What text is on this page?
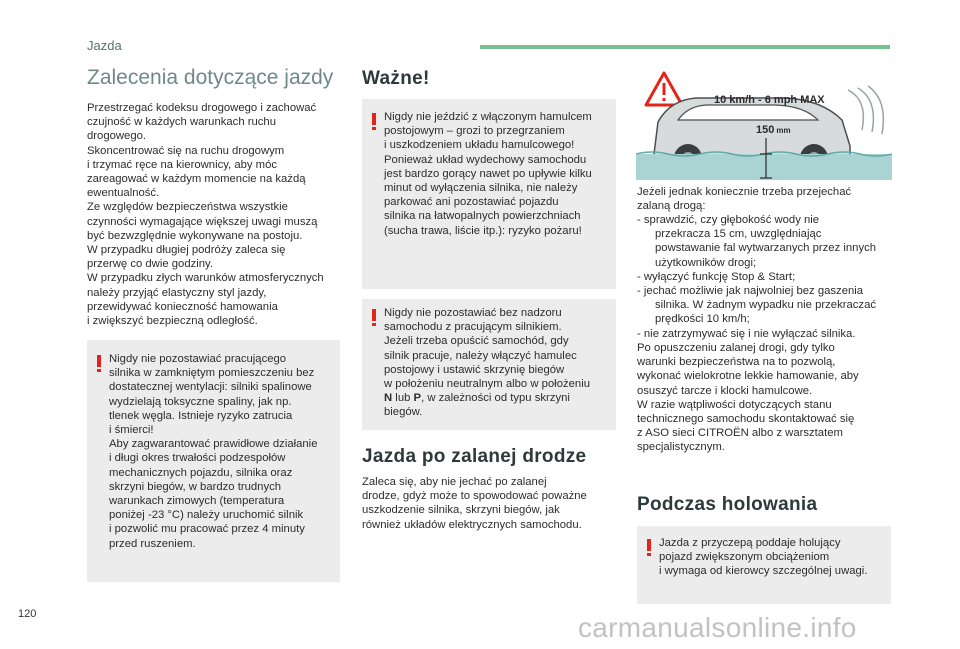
Jazda
Zalecenia dotyczące jazdy
Przestrzegać kodeksu drogowego i zachować
czujność w każdych warunkach ruchu
drogowego.
Skoncentrować się na ruchu drogowym
i trzymać ręce na kierownicy, aby móc
zareagować w każdym momencie na każdą
ewentualność.
Ze względów bezpieczeństwa wszystkie
czynności wymagające większej uwagi muszą
być bezwzględnie wykonywane na postoju.
W przypadku długiej podróży zaleca się
przerwę co dwie godziny.
W przypadku złych warunków atmosferycznych
należy przyjąć elastyczny styl jazdy,
przewidywać konieczność hamowania
i zwiększyć bezpieczną odległość.
Nigdy nie pozostawiać pracującego
silnika w zamkniętym pomieszczeniu bez
dostatecznej wentylacji: silniki spalinowe
wydzielają toksyczne spaliny, jak np.
tlenek węgla. Istnieje ryzyko zatrucia
i śmierci!
Aby zagwarantować prawidłowe działanie
i długi okres trwałości podzespołów
mechanicznych pojazdu, silnika oraz
skrzyni biegów, w bardzo trudnych
warunkach zimowych (temperatura
poniżej -23 °C) należy uruchomić silnik
i pozwolić mu pracować przez 4 minuty
przed ruszeniem.
Ważne!
Nigdy nie jeździć z włączonym hamulcem
postojowym – grozi to przegrzaniem
i uszkodzeniem układu hamulcowego!
Ponieważ układ wydechowy samochodu
jest bardzo gorący nawet po upływie kilku
minut od wyłączenia silnika, nie należy
parkować ani pozostawiać pojazdu
silnika na łatwopalnych powierzchniach
(sucha trawa, liście itp.): ryzyko pożaru!
Nigdy nie pozostawiać bez nadzoru
samochodu z pracującym silnikiem.
Jeżeli trzeba opuścić samochód, gdy
silnik pracuje, należy włączyć hamulec
postojowy i ustawić skrzynię biegów
w położeniu neutralnym albo w położeniu
N lub P, w zależności od typu skrzyni
biegów.
Jazda po zalanej drodze
Zaleca się, aby nie jechać po zalanej
drodze, gdyż może to spowodować poważne
uszkodzenie silnika, skrzyni biegów, jak
również układów elektrycznych samochodu.
10 km/h - 6 mph MAX
150 mm
Jeżeli jednak koniecznie trzeba przejechać
zalaną drogą:
- sprawdzić, czy głębokość wody nie
przekracza 15 cm, uwzględniając
powstawanie fal wytwarzanych przez innych
użytkowników drogi;
- wyłączyć funkcję Stop & Start;
- jechać możliwie jak najwolniej bez gaszenia
silnika. W żadnym wypadku nie przekraczać
prędkości 10 km/h;
- nie zatrzymywać się i nie wyłączać silnika.
Po opuszczeniu zalanej drogi, gdy tylko
warunki bezpieczeństwa na to pozwolą,
wykonać wielokrotne lekkie hamowanie, aby
osuszyć tarcze i klocki hamulcowe.
W razie wątpliwości dotyczących stanu
technicznego samochodu skontaktować się
z ASO sieci CITROËN albo z warsztatem
specjalistycznym.
Podczas holowania
Jazda z przyczepą poddaje holujący
pojazd zwiększonym obciążeniom
i wymaga od kierowcy szczególnej uwagi.
120	carmanualsonline.info
